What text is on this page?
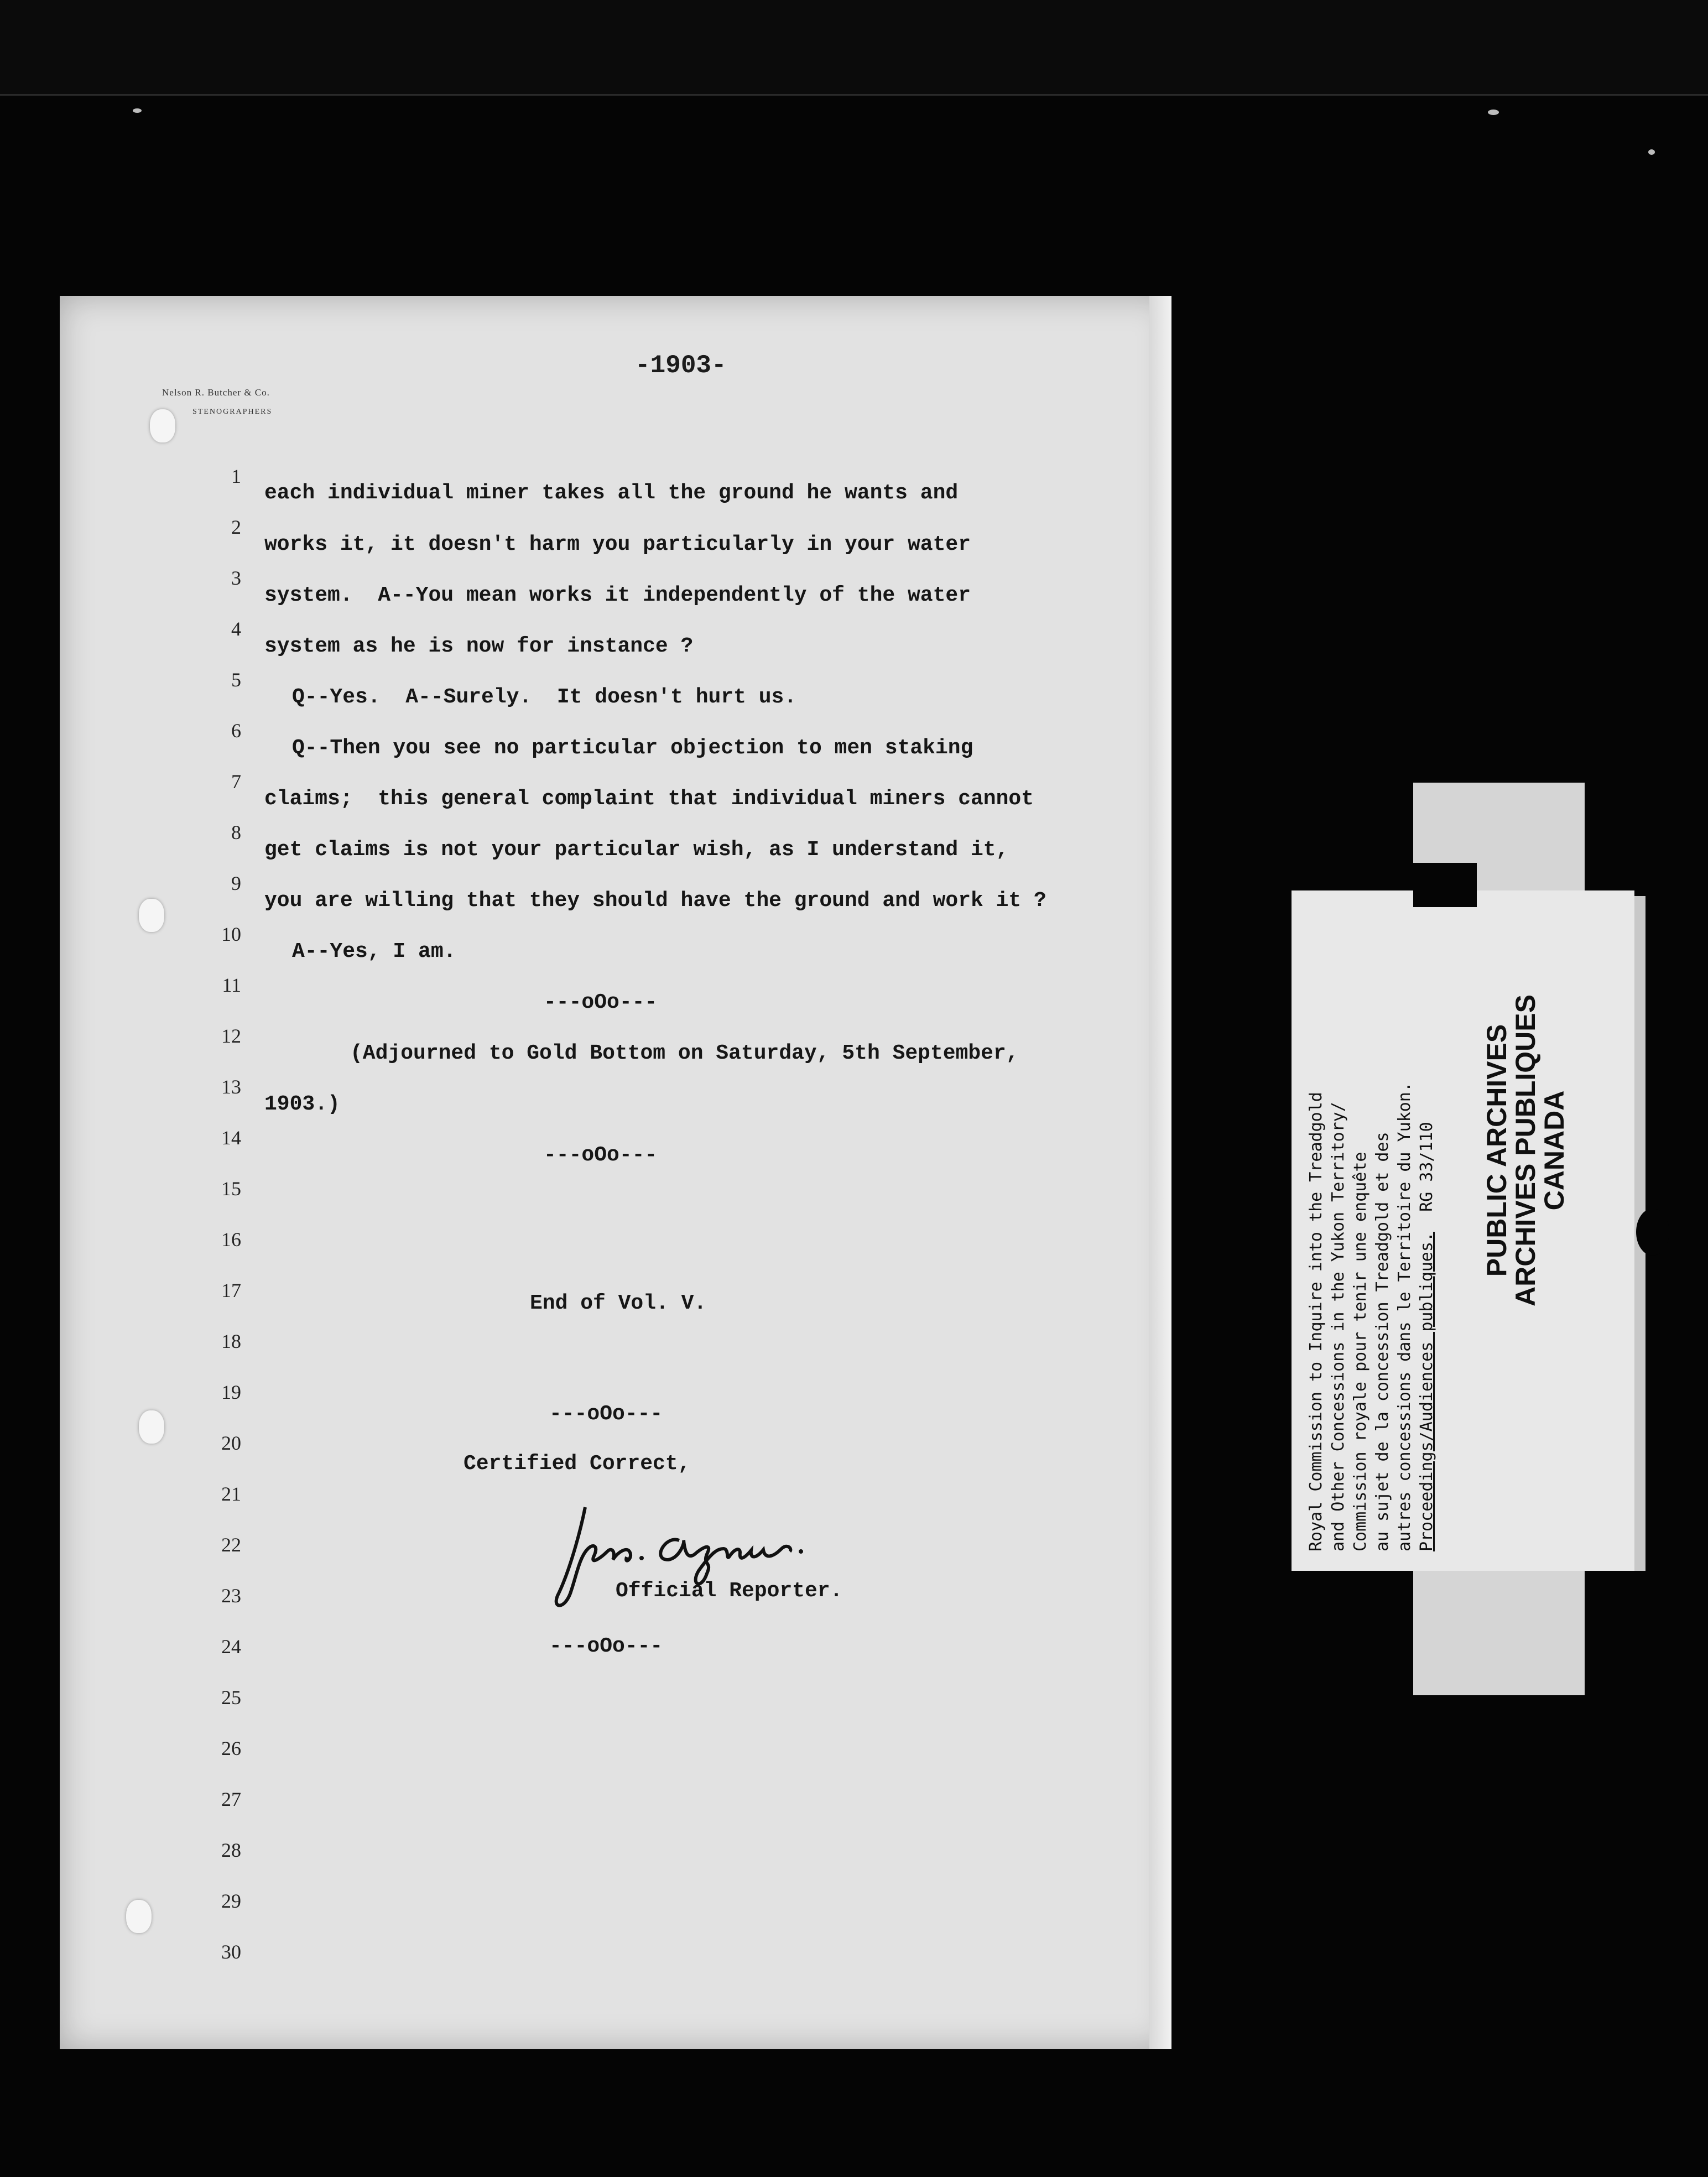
-1903-
Nelson R. Butcher & Co.
STENOGRAPHERS
1
2
3
4
5
6
7
8
9
10
11
12
13
14
15
16
17
18
19
20
21
22
23
24
25
26
27
28
29
30
each individual miner takes all the ground he wants and
works it, it doesn't harm you particularly in your water
system.  A--You mean works it independently of the water
system as he is now for instance ?
Q--Yes.  A--Surely.  It doesn't hurt us.
Q--Then you see no particular objection to men staking
claims;  this general complaint that individual miners cannot
get claims is not your particular wish, as I understand it,
you are willing that they should have the ground and work it ?
A--Yes, I am.
---oOo---
(Adjourned to Gold Bottom on Saturday, 5th September,
1903.)
---oOo---
End of Vol. V.
---oOo---
Certified Correct,
Official Reporter.
---oOo---
Royal Commission to Inquire into the Treadgold and Other Concessions in the Yukon Territory/ Commission royale pour tenir une enquête au sujet de la concession Treadgold et des autres concessions dans le Territoire du Yukon. Proceedings/Audiences publiques.  RG 33/110 PUBLIC ARCHIVES
ARCHIVES PUBLIQUES
CANADA
